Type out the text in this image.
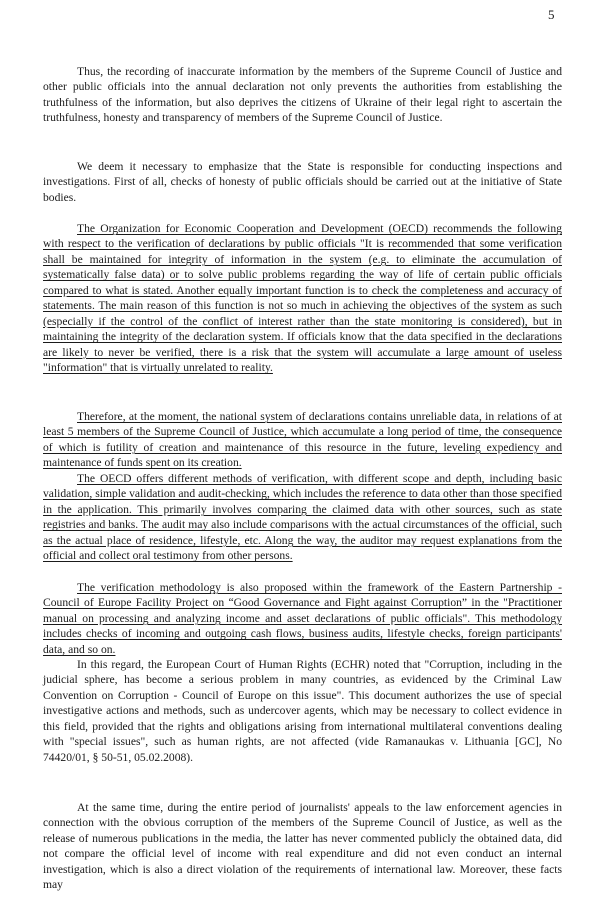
5

Thus, the recording of inaccurate information by the members of the Supreme Council of Justice and other public officials into the annual declaration not only prevents the authorities from establishing the truthfulness of the information, but also deprives the citizens of Ukraine of their legal right to ascertain the truthfulness, honesty and transparency of members of the Supreme Council of Justice.

We deem it necessary to emphasize that the State is responsible for conducting inspections and investigations. First of all, checks of honesty of public officials should be carried out at the initiative of State bodies.

The Organization for Economic Cooperation and Development (OECD) recommends the following with respect to the verification of declarations by public officials "It is recommended that some verification shall be maintained for integrity of information in the system (e.g. to eliminate the accumulation of systematically false data) or to solve public problems regarding the way of life of certain public officials compared to what is stated. Another equally important function is to check the completeness and accuracy of statements. The main reason of this function is not so much in achieving the objectives of the system as such (especially if the control of the conflict of interest rather than the state monitoring is considered), but in maintaining the integrity of the declaration system. If officials know that the data specified in the declarations are likely to never be verified, there is a risk that the system will accumulate a large amount of useless "information" that is virtually unrelated to reality.

Therefore, at the moment, the national system of declarations contains unreliable data, in relations of at least 5 members of the Supreme Council of Justice, which accumulate a long period of time, the consequence of which is futility of creation and maintenance of this resource in the future, leveling expediency and maintenance of funds spent on its creation.

The OECD offers different methods of verification, with different scope and depth, including basic validation, simple validation and audit-checking, which includes the reference to data other than those specified in the application. This primarily involves comparing the claimed data with other sources, such as state registries and banks. The audit may also include comparisons with the actual circumstances of the official, such as the actual place of residence, lifestyle, etc. Along the way, the auditor may request explanations from the official and collect oral testimony from other persons.

The verification methodology is also proposed within the framework of the Eastern Partnership - Council of Europe Facility Project on “Good Governance and Fight against Corruption” in the "Practitioner manual on processing and analyzing income and asset declarations of public officials". This methodology includes checks of incoming and outgoing cash flows, business audits, lifestyle checks, foreign participants' data, and so on.

In this regard, the European Court of Human Rights (ECHR) noted that "Corruption, including in the judicial sphere, has become a serious problem in many countries, as evidenced by the Criminal Law Convention on Corruption - Council of Europe on this issue". This document authorizes the use of special investigative actions and methods, such as undercover agents, which may be necessary to collect evidence in this field, provided that the rights and obligations arising from international multilateral conventions dealing with "special issues", such as human rights, are not affected (vide Ramanaukas v. Lithuania [GC], No 74420/01, § 50-51, 05.02.2008).

At the same time, during the entire period of journalists' appeals to the law enforcement agencies in connection with the obvious corruption of the members of the Supreme Council of Justice, as well as the release of numerous publications in the media, the latter has never commented publicly the obtained data, did not compare the official level of income with real expenditure and did not even conduct an internal investigation, which is also a direct violation of the requirements of international law. Moreover, these facts may
